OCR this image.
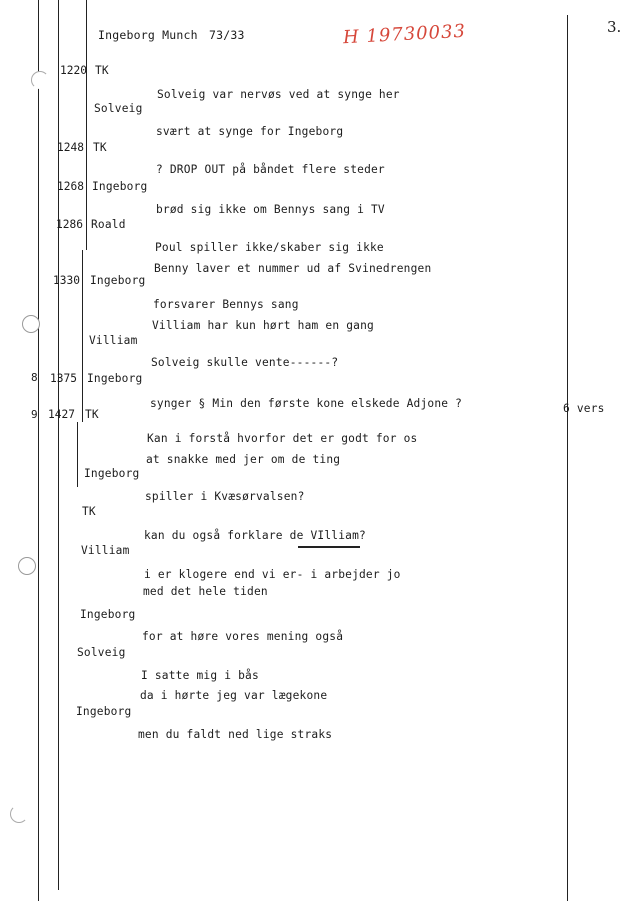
Ingeborg Munch 73/33	H 19730033	3.
1220 TK
Solveig var nervøs ved at synge her
Solveig
svært at synge for Ingeborg
1248 TK
? DROP OUT på båndet flere steder
1268 Ingeborg
brød sig ikke om Bennys sang i TV
1286 Roald
Poul spiller ikke/skaber sig ikke
Benny laver et nummer ud af Svinedrengen
1330 Ingeborg
forsvarer Bennys sang
Villiam har kun hørt ham en gang
Villiam
Solveig skulle vente------?
8 1375 Ingeborg
synger § Min den første kone elskede Adjone ?
9 1427 TK
Kan i forstå hvorfor det er godt for os
at snakke med jer om de ting
Ingeborg
spiller i Kvæsørvalsen?
TK
kan du også forklare de VIlliam?
Villiam
i er klogere end vi er- i arbejder jo
med det hele tiden
Ingeborg
for at høre vores mening også
Solveig
I satte mig i bås
da i hørte jeg var lægekone
Ingeborg
men du faldt ned lige straks
6 vers
